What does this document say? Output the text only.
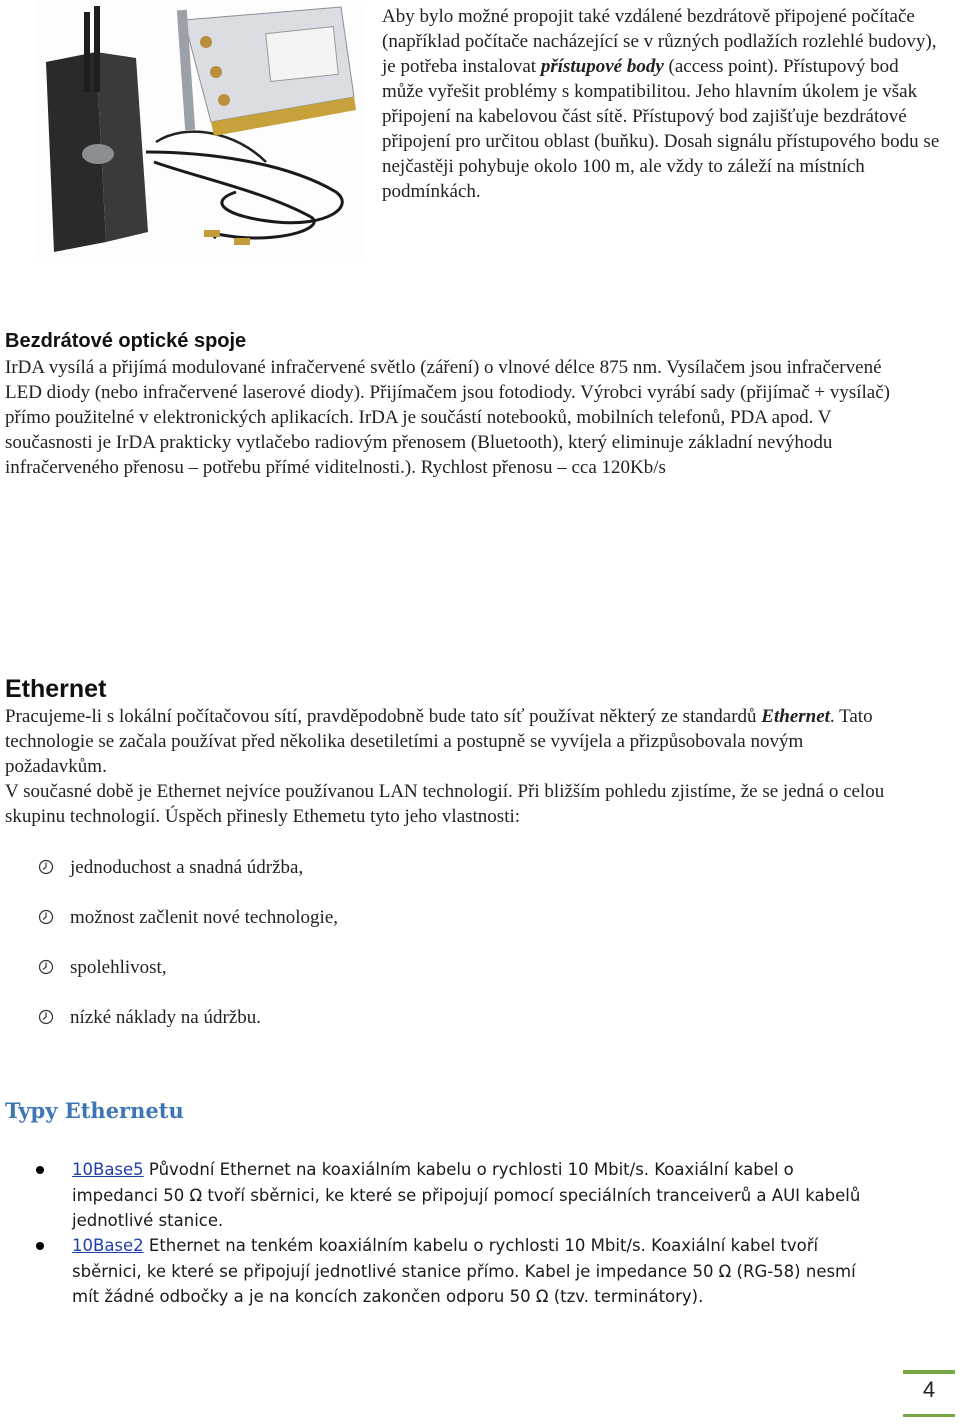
Aby bylo možné propojit také vzdálené bezdrátově připojené počítače (například počítače nacházející se v různých podlažích rozlehlé budovy), je potřeba instalovat přístupové body (access point). Přístupový bod může vyřešit problémy s kompatibilitou. Jeho hlavním úkolem je však připojení na kabelovou část sítě. Přístupový bod zajišťuje bezdrátové připojení pro určitou oblast (buňku). Dosah signálu přístupového bodu se nejčastěji pohybuje okolo 100 m, ale vždy to záleží na místních podmínkách.

Bezdrátové optické spoje

IrDA vysílá a přijímá modulované infračervené světlo (záření) o vlnové délce 875 nm. Vysílačem jsou infračervené LED diody (nebo infračervené laserové diody). Přijímačem jsou fotodiody. Výrobci vyrábí sady (přijímač + vysílač) přímo použitelné v elektronických aplikacích. IrDA je součástí notebooků, mobilních telefonů, PDA apod. V současnosti je IrDA prakticky vytlačebo radiovým přenosem (Bluetooth), který eliminuje základní nevýhodu infračerveného přenosu – potřebu přímé viditelnosti.). Rychlost přenosu – cca 120Kb/s

Ethernet

Pracujeme-li s lokální počítačovou sítí, pravděpodobně bude tato síť používat některý ze standardů Ethernet. Tato technologie se začala používat před několika desetiletími a postupně se vyvíjela a přizpůsobovala novým požadavkům.

V současné době je Ethernet nejvíce používanou LAN technologií. Při bližším pohledu zjistíme, že se jedná o celou skupinu technologií. Úspěch přinesly Ethemetu tyto jeho vlastnosti:

jednoduchost a snadná údržba,

možnost začlenit nové technologie,

spolehlivost,

nízké náklady na údržbu.

Typy Ethernetu

10Base5 Původní Ethernet na koaxiálním kabelu o rychlosti 10 Mbit/s. Koaxiální kabel o impedanci 50 Ω tvoří sběrnici, ke které se připojují pomocí speciálních tranceiverů a AUI kabelů jednotlivé stanice.

10Base2 Ethernet na tenkém koaxiálním kabelu o rychlosti 10 Mbit/s. Koaxiální kabel tvoří sběrnici, ke které se připojují jednotlivé stanice přímo. Kabel je impedance 50 Ω (RG-58) nesmí mít žádné odbočky a je na koncích zakončen odporu 50 Ω (tzv. terminátory).

4
